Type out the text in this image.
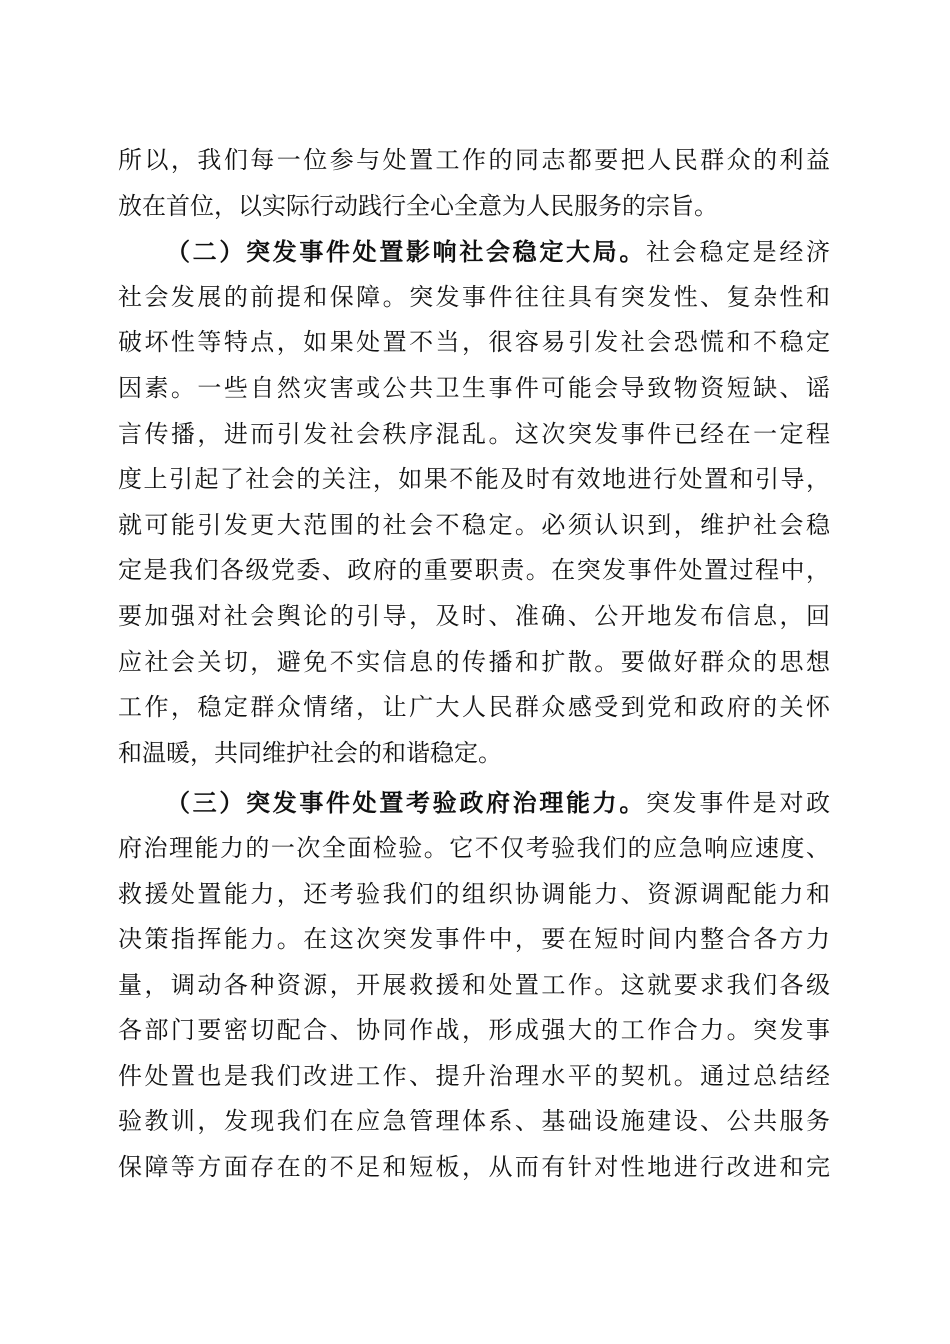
所以，我们每一位参与处置工作的同志都要把人民群众的利益
放在首位，以实际行动践行全心全意为人民服务的宗旨。
（二）突发事件处置影响社会稳定大局。社会稳定是经济
社会发展的前提和保障。突发事件往往具有突发性、复杂性和
破坏性等特点，如果处置不当，很容易引发社会恐慌和不稳定
因素。一些自然灾害或公共卫生事件可能会导致物资短缺、谣
言传播，进而引发社会秩序混乱。这次突发事件已经在一定程
度上引起了社会的关注，如果不能及时有效地进行处置和引导，
就可能引发更大范围的社会不稳定。必须认识到，维护社会稳
定是我们各级党委、政府的重要职责。在突发事件处置过程中，
要加强对社会舆论的引导，及时、准确、公开地发布信息，回
应社会关切，避免不实信息的传播和扩散。要做好群众的思想
工作，稳定群众情绪，让广大人民群众感受到党和政府的关怀
和温暖，共同维护社会的和谐稳定。
（三）突发事件处置考验政府治理能力。突发事件是对政
府治理能力的一次全面检验。它不仅考验我们的应急响应速度、
救援处置能力，还考验我们的组织协调能力、资源调配能力和
决策指挥能力。在这次突发事件中，要在短时间内整合各方力
量，调动各种资源，开展救援和处置工作。这就要求我们各级
各部门要密切配合、协同作战，形成强大的工作合力。突发事
件处置也是我们改进工作、提升治理水平的契机。通过总结经
验教训，发现我们在应急管理体系、基础设施建设、公共服务
保障等方面存在的不足和短板，从而有针对性地进行改进和完
